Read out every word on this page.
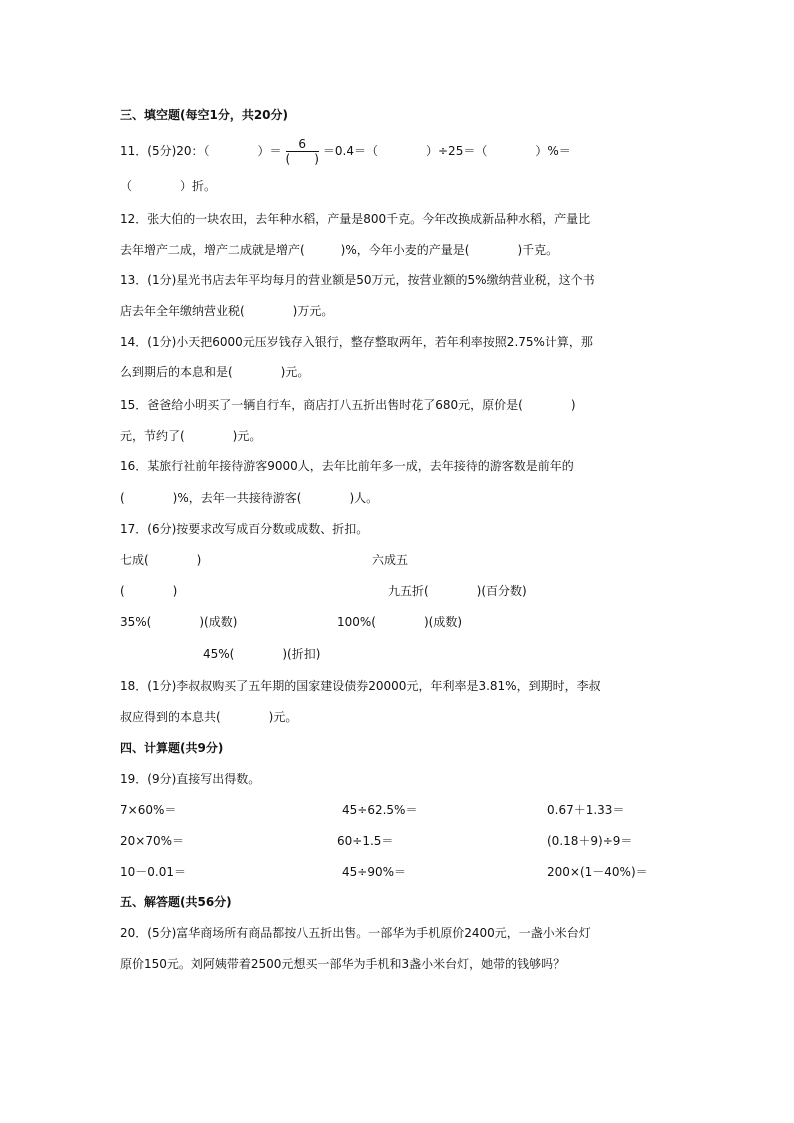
三、填空题(每空1分，共20分)
11．(5分)20：（　　　　）＝ $\frac{6}{( )} =0.4=$（　　　　）÷25＝（　　　　）%＝
（　　　　）折。
12．张大伯的一块农田，去年种水稻，产量是800千克。今年改换成新品种水稻，产量比
去年增产二成，增产二成就是增产(　　　)%，今年小麦的产量是(　　　　)千克。
13．(1分)星光书店去年平均每月的营业额是50万元，按营业额的5%缴纳营业税，这个书
店去年全年缴纳营业税(　　　　)万元。
14．(1分)小天把6000元压岁钱存入银行，整存整取两年，若年利率按照2.75%计算，那
么到期后的本息和是(　　　　)元。
15．爸爸给小明买了一辆自行车，商店打八五折出售时花了680元，原价是(　　　　)
元，节约了(　　　　)元。
16．某旅行社前年接待游客9000人，去年比前年多一成，去年接待的游客数是前年的
(　　　　)%，去年一共接待游客(　　　　)人。
17．(6分)按要求改写成百分数或成数、折扣。
七成(　　　　)	六成五
(　　　　)	九五折(　　　　)(百分数)
35%(　　　　)(成数)	100%(　　　　)(成数)
45%(　　　　)(折扣)
18．(1分)李叔叔购买了五年期的国家建设债券20000元，年利率是3.81%，到期时，李叔
叔应得到的本息共(　　　　)元。
四、计算题(共9分)
19．(9分)直接写出得数。
7×60%＝	45÷62.5%＝	0.67＋1.33＝
20×70%＝	60÷1.5＝	(0.18＋9)÷9＝
10－0.01＝	45÷90%＝	200×(1－40%)＝
五、解答题(共56分)
20．(5分)富华商场所有商品都按八五折出售。一部华为手机原价2400元，一盏小米台灯
原价150元。刘阿姨带着2500元想买一部华为手机和3盏小米台灯，她带的钱够吗？
